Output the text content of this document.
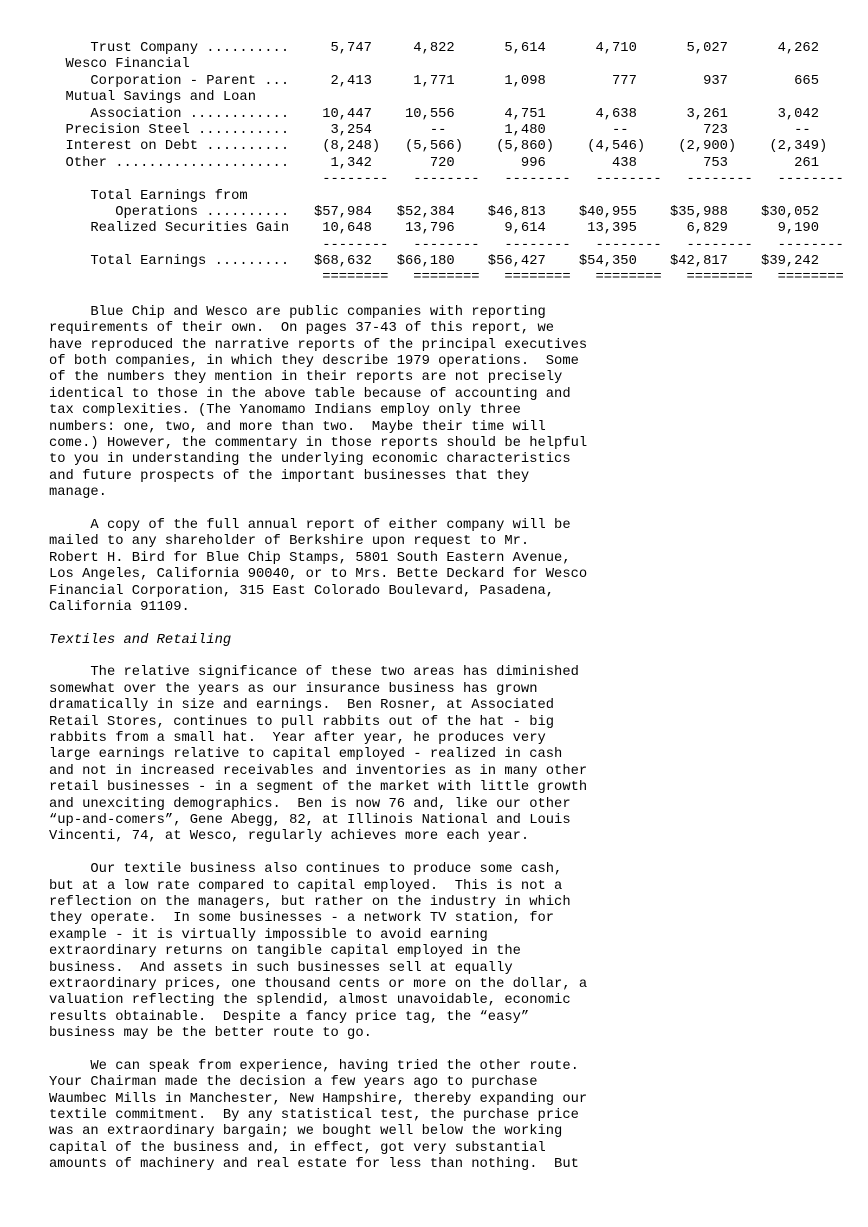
Trust Company ..........     5,747     4,822      5,614      4,710      5,027      4,262
Wesco Financial
Corporation - Parent ...     2,413     1,771      1,098        777        937        665
Mutual Savings and Loan
Association ............    10,447    10,556      4,751      4,638      3,261      3,042
Precision Steel ...........     3,254       --       1,480        --         723        --
Interest on Debt ..........    (8,248)   (5,566)    (5,860)    (4,546)    (2,900)    (2,349)
Other .....................     1,342       720        996        438        753        261
--------   --------   --------   --------   --------   --------
Total Earnings from
Operations ..........   $57,984   $52,384    $46,813    $40,955    $35,988    $30,052
Realized Securities Gain    10,648    13,796      9,614     13,395      6,829      9,190
--------   --------   --------   --------   --------   --------
Total Earnings .........   $68,632   $66,180    $56,427    $54,350    $42,817    $39,242
========   ========   ========   ========   ========   ========
Blue Chip and Wesco are public companies with reporting
requirements of their own.  On pages 37-43 of this report, we
have reproduced the narrative reports of the principal executives
of both companies, in which they describe 1979 operations.  Some
of the numbers they mention in their reports are not precisely
identical to those in the above table because of accounting and
tax complexities. (The Yanomamo Indians employ only three
numbers: one, two, and more than two.  Maybe their time will
come.) However, the commentary in those reports should be helpful
to you in understanding the underlying economic characteristics
and future prospects of the important businesses that they
manage.
A copy of the full annual report of either company will be
mailed to any shareholder of Berkshire upon request to Mr.
Robert H. Bird for Blue Chip Stamps, 5801 South Eastern Avenue,
Los Angeles, California 90040, or to Mrs. Bette Deckard for Wesco
Financial Corporation, 315 East Colorado Boulevard, Pasadena,
California 91109.
Textiles and Retailing
The relative significance of these two areas has diminished
somewhat over the years as our insurance business has grown
dramatically in size and earnings.  Ben Rosner, at Associated
Retail Stores, continues to pull rabbits out of the hat - big
rabbits from a small hat.  Year after year, he produces very
large earnings relative to capital employed - realized in cash
and not in increased receivables and inventories as in many other
retail businesses - in a segment of the market with little growth
and unexciting demographics.  Ben is now 76 and, like our other
“up-and-comers”, Gene Abegg, 82, at Illinois National and Louis
Vincenti, 74, at Wesco, regularly achieves more each year.
Our textile business also continues to produce some cash,
but at a low rate compared to capital employed.  This is not a
reflection on the managers, but rather on the industry in which
they operate.  In some businesses - a network TV station, for
example - it is virtually impossible to avoid earning
extraordinary returns on tangible capital employed in the
business.  And assets in such businesses sell at equally
extraordinary prices, one thousand cents or more on the dollar, a
valuation reflecting the splendid, almost unavoidable, economic
results obtainable.  Despite a fancy price tag, the “easy”
business may be the better route to go.
We can speak from experience, having tried the other route.
Your Chairman made the decision a few years ago to purchase
Waumbec Mills in Manchester, New Hampshire, thereby expanding our
textile commitment.  By any statistical test, the purchase price
was an extraordinary bargain; we bought well below the working
capital of the business and, in effect, got very substantial
amounts of machinery and real estate for less than nothing.  But
